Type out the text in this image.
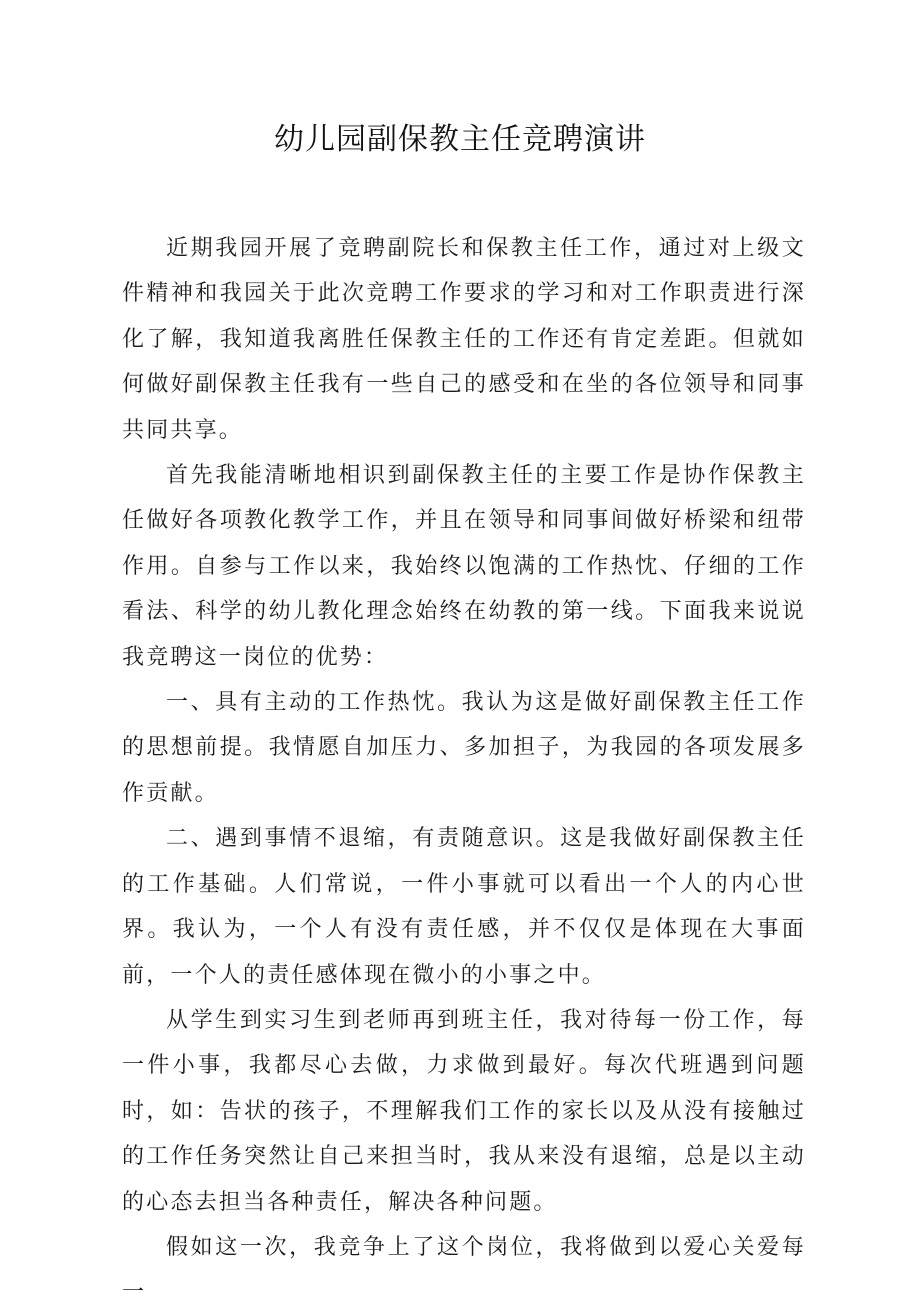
幼儿园副保教主任竞聘演讲

近期我园开展了竞聘副院长和保教主任工作，通过对上级文件精神和我园关于此次竞聘工作要求的学习和对工作职责进行深化了解，我知道我离胜任保教主任的工作还有肯定差距。但就如何做好副保教主任我有一些自己的感受和在坐的各位领导和同事共同共享。

首先我能清晰地相识到副保教主任的主要工作是协作保教主任做好各项教化教学工作，并且在领导和同事间做好桥梁和纽带作用。自参与工作以来，我始终以饱满的工作热忱、仔细的工作看法、科学的幼儿教化理念始终在幼教的第一线。下面我来说说我竞聘这一岗位的优势：

一、具有主动的工作热忱。我认为这是做好副保教主任工作的思想前提。我情愿自加压力、多加担子，为我园的各项发展多作贡献。

二、遇到事情不退缩，有责随意识。这是我做好副保教主任的工作基础。人们常说，一件小事就可以看出一个人的内心世界。我认为，一个人有没有责任感，并不仅仅是体现在大事面前，一个人的责任感体现在微小的小事之中。

从学生到实习生到老师再到班主任，我对待每一份工作，每一件小事，我都尽心去做，力求做到最好。每次代班遇到问题时，如：告状的孩子，不理解我们工作的家长以及从没有接触过的工作任务突然让自己来担当时，我从来没有退缩，总是以主动的心态去担当各种责任，解决各种问题。

假如这一次，我竞争上了这个岗位，我将做到以爱心关爱每一
